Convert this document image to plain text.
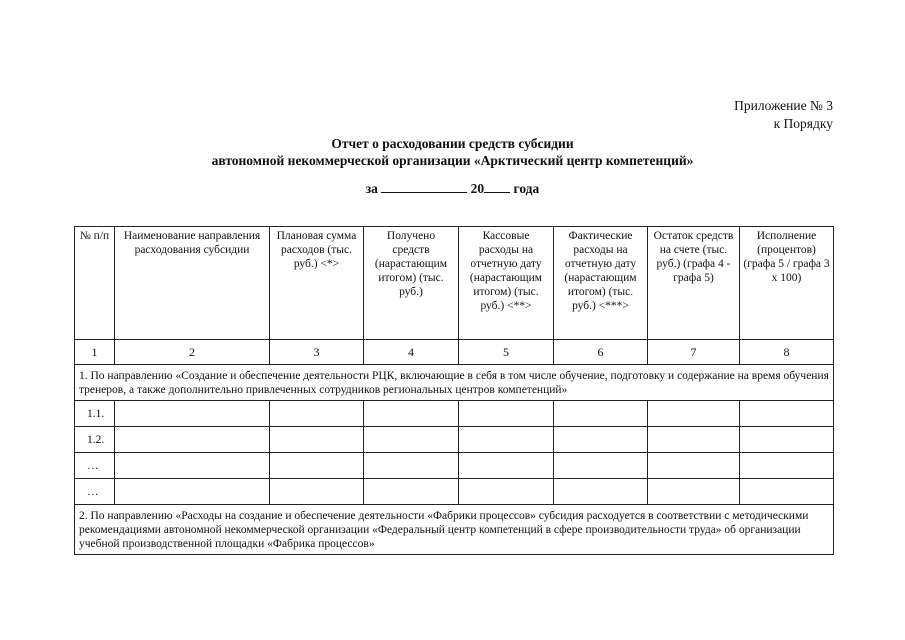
Приложение № 3
к Порядку
Отчет о расходовании средств субсидии
автономной некоммерческой организации «Арктический центр компетенций»
за	20 года
№ п/п	Наименование направления расходования субсидии	Плановая сумма расходов (тыс. руб.) <*>	Получено средств (нарастающим итогом) (тыс. руб.)	Кассовые расходы на отчетную дату (нарастающим итогом) (тыс. руб.) <**>	Фактические расходы на отчетную дату (нарастающим итогом) (тыс. руб.) <***>	Остаток средств на счете (тыс. руб.) (графа 4 - графа 5)	Исполнение (процентов) (графа 5 / графа 3 x 100)
1	2	3	4	5	6	7	8
1. По направлению «Создание и обеспечение деятельности РЦК, включающие в себя в том числе обучение, подготовку и содержание на время обучения тренеров, а также дополнительно привлеченных сотрудников региональных центров компетенций»							
1.1.							
1.2.							
…							
…							
2. По направлению «Расходы на создание и обеспечение деятельности «Фабрики процессов» субсидия расходуется в соответствии с методическими рекомендациями автономной некоммерческой организации «Федеральный центр компетенций в сфере производительности труда» об организации учебной производственной площадки «Фабрика процессов»							
